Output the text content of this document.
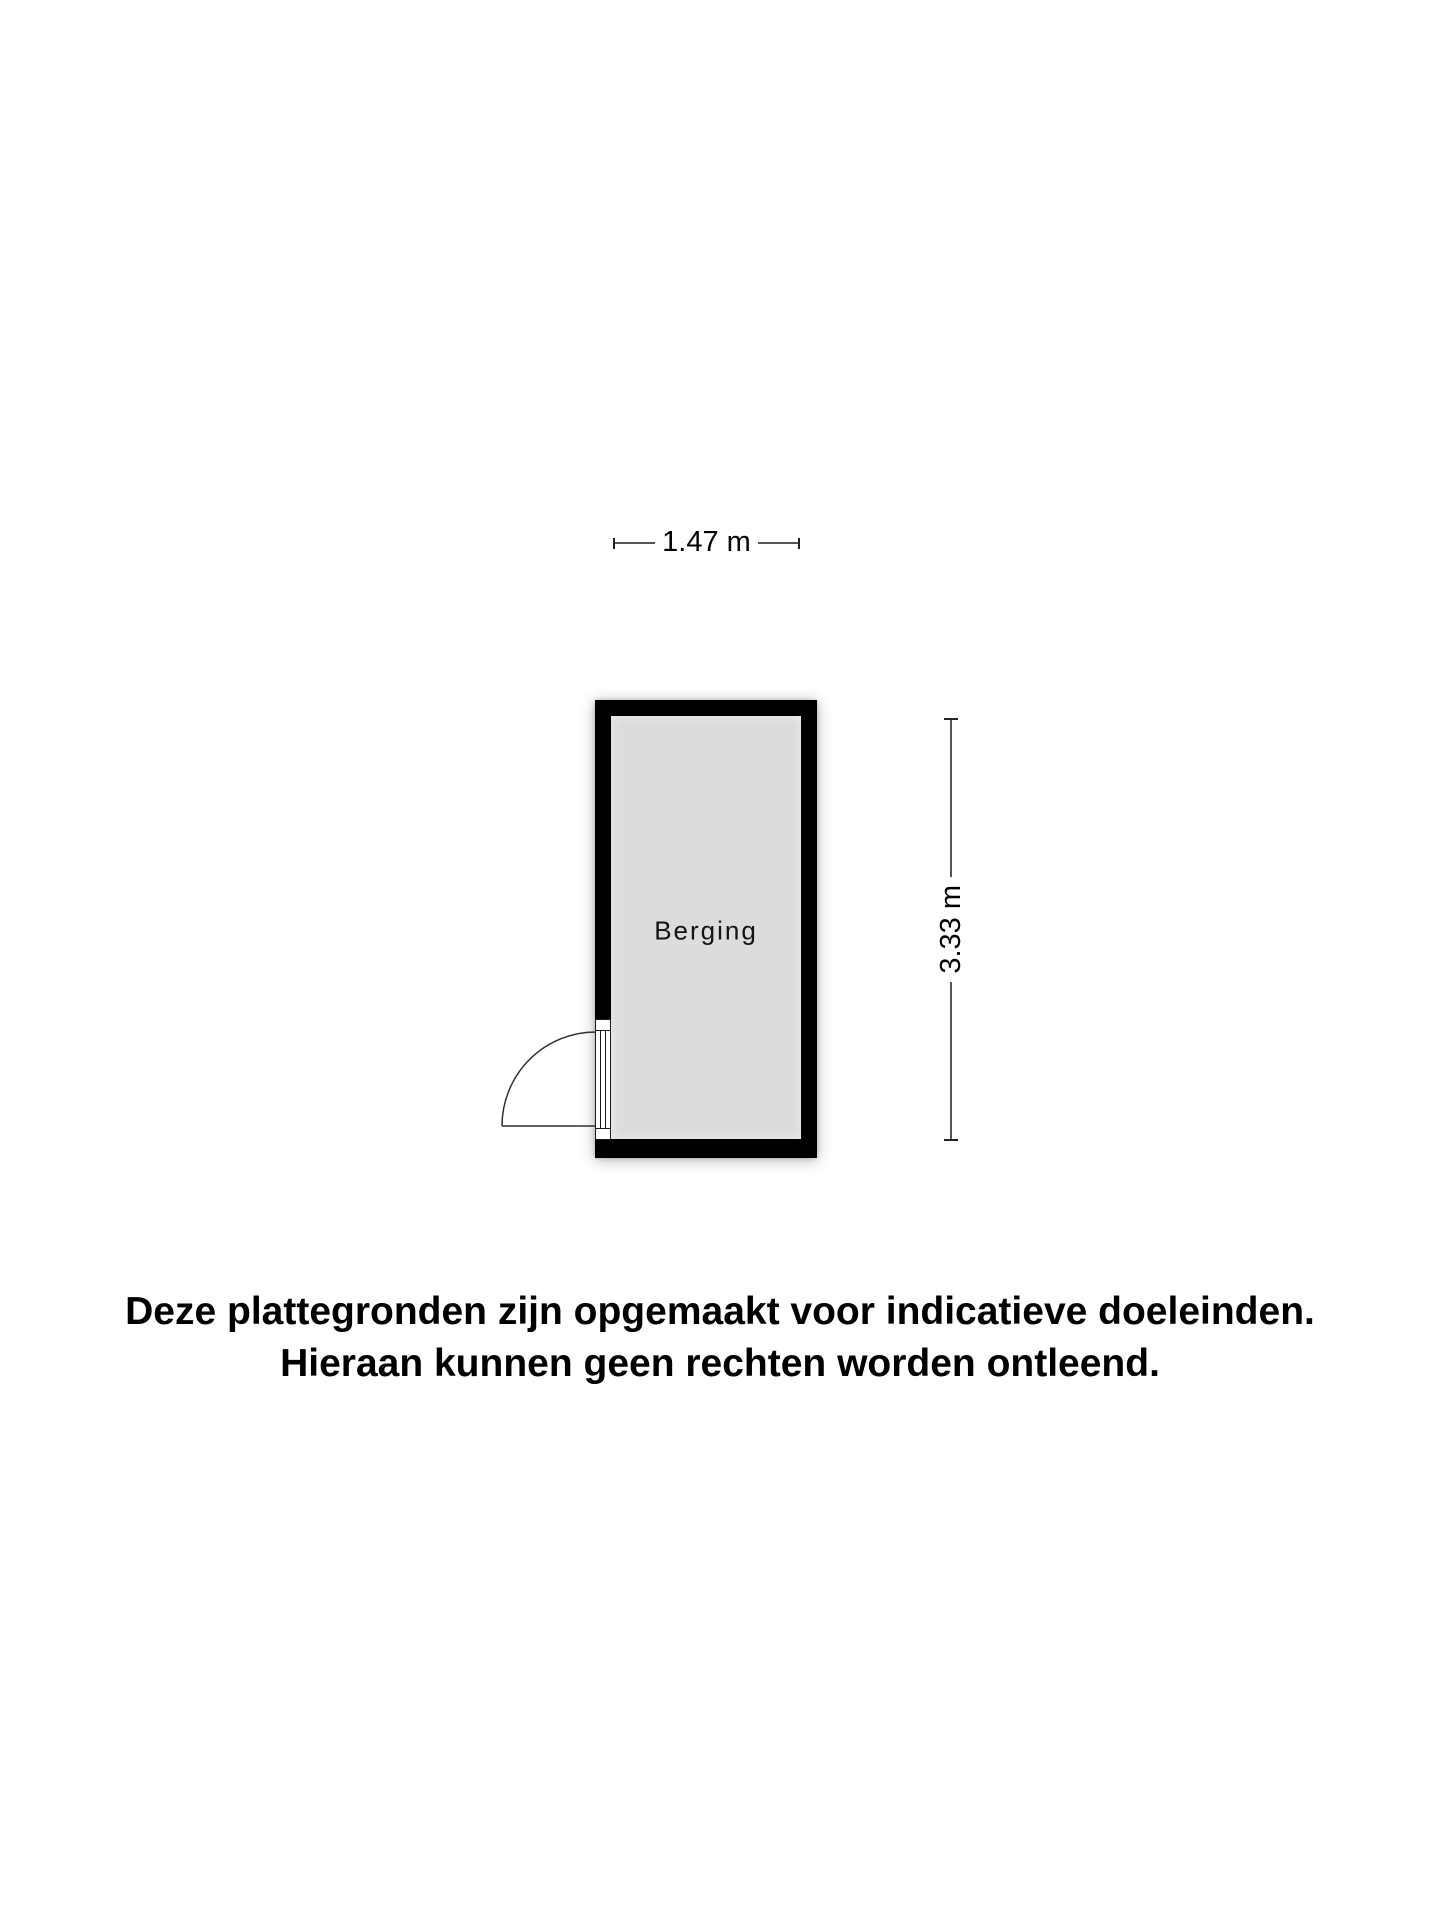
1.47 m
Berging	3.33 m
Deze plattegronden zijn opgemaakt voor indicatieve doeleinden.
Hieraan kunnen geen rechten worden ontleend.
